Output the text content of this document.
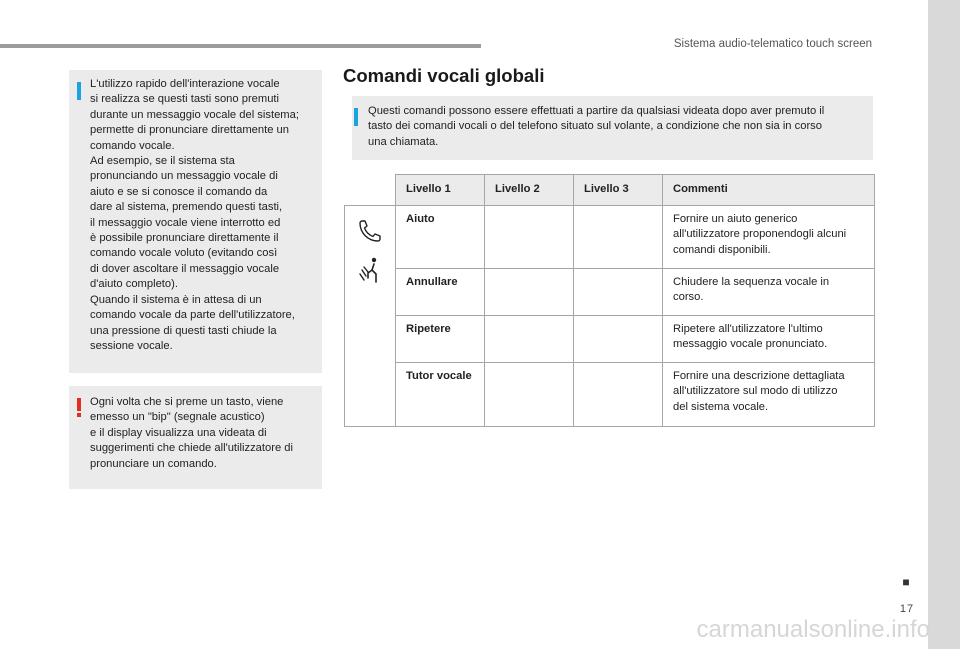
Sistema audio-telematico touch screen
■
17
carmanualsonline.info

L'utilizzo rapido dell'interazione vocale

si realizza se questi tasti sono premuti

durante un messaggio vocale del sistema;

permette di pronunciare direttamente un

comando vocale.

Ad esempio, se il sistema sta

pronunciando un messaggio vocale di

aiuto e se si conosce il comando da

dare al sistema, premendo questi tasti,

il messaggio vocale viene interrotto ed

è possibile pronunciare direttamente il

comando vocale voluto (evitando così

di dover ascoltare il messaggio vocale

d'aiuto completo).

Quando il sistema è in attesa di un

comando vocale da parte dell'utilizzatore,

una pressione di questi tasti chiude la

sessione vocale.

Ogni volta che si preme un tasto, viene

emesso un "bip" (segnale acustico)

e il display visualizza una videata di

suggerimenti che chiede all'utilizzatore di

pronunciare un comando.

Comandi vocali globali

Questi comandi possono essere effettuati a partire da qualsiasi videata dopo aver premuto il

tasto dei comandi vocali o del telefono situato sul volante, a condizione che non sia in corso

una chiamata.

	Livello 1	Livello 2	Livello 3	Commenti

	Aiuto			Fornire un aiuto generico
all'utilizzatore proponendogli alcuni
comandi disponibili.

	Annullare			Chiudere la sequenza vocale in
corso.

	Ripetere			Ripetere all'utilizzatore l'ultimo
messaggio vocale pronunciato.

	Tutor vocale			Fornire una descrizione dettagliata
all'utilizzatore sul modo di utilizzo
del sistema vocale.
